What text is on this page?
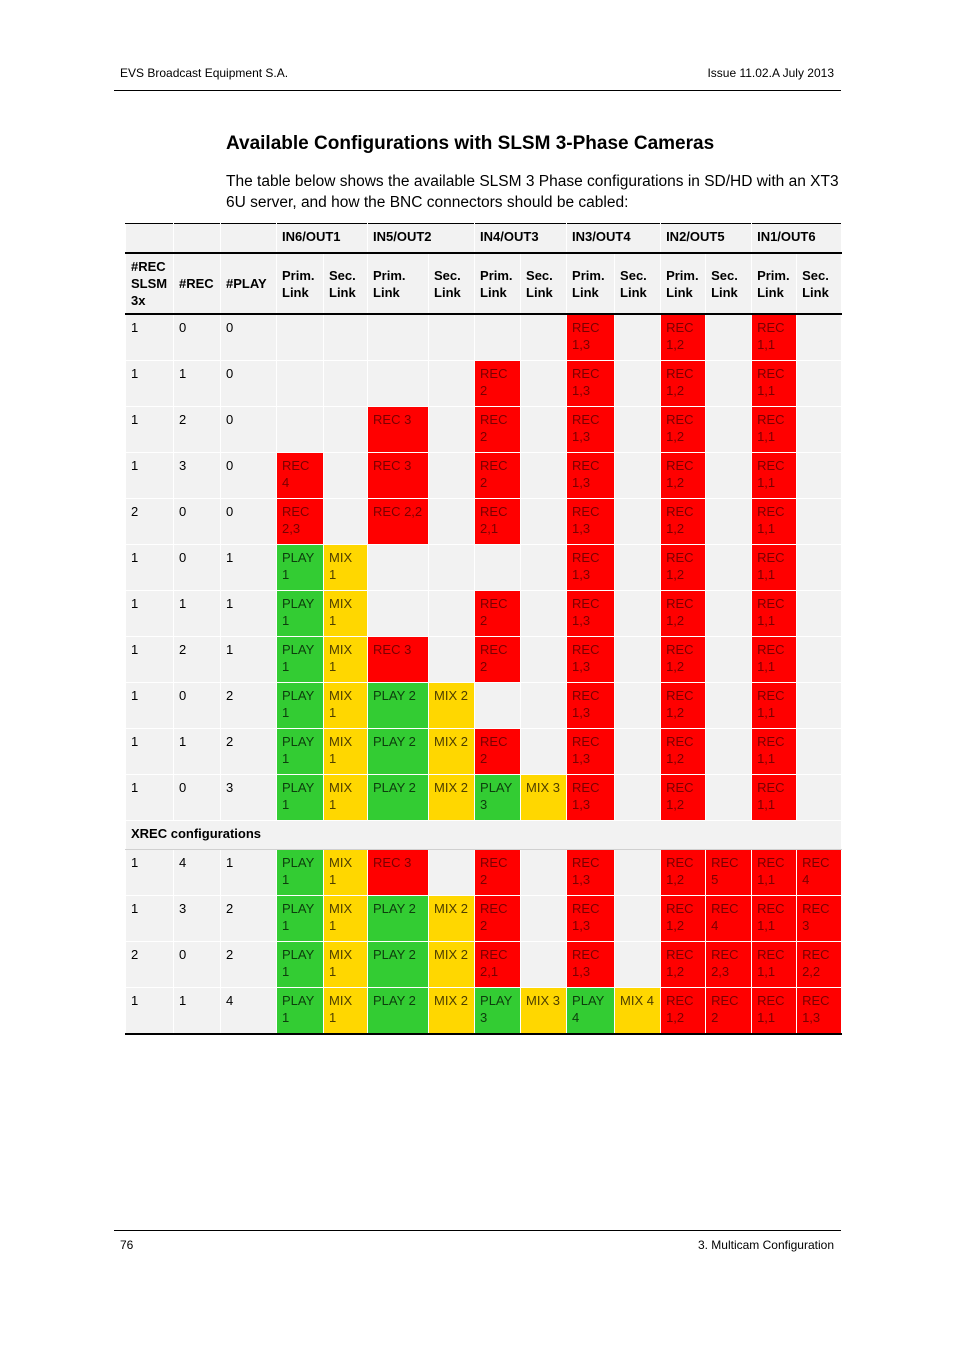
EVS Broadcast Equipment S.A.	Issue 11.02.A July 2013
Available Configurations with SLSM 3-Phase Cameras

The table below shows the available SLSM 3 Phase configurations in SD/HD with an XT3 6U server, and how the BNC connectors should be cabled:

			IN6/OUT1		IN5/OUT2		IN4/OUT3		IN3/OUT4		IN2/OUT5		IN1/OUT6	
#REC SLSM 3x	#REC	#PLAY	Prim. Link	Sec. Link	Prim. Link	Sec. Link	Prim. Link	Sec. Link	Prim. Link	Sec. Link	Prim. Link	Sec. Link	Prim. Link	Sec. Link
1	0	0							REC 1,3		REC 1,2		REC 1,1	
1	1	0					REC 2		REC 1,3		REC 1,2		REC 1,1	
1	2	0			REC 3		REC 2		REC 1,3		REC 1,2		REC 1,1	
1	3	0	REC 4		REC 3		REC 2		REC 1,3		REC 1,2		REC 1,1	
2	0	0	REC 2,3		REC 2,2		REC 2,1		REC 1,3		REC 1,2		REC 1,1	
1	0	1	PLAY 1	MIX 1					REC 1,3		REC 1,2		REC 1,1	
1	1	1	PLAY 1	MIX 1			REC 2		REC 1,3		REC 1,2		REC 1,1	
1	2	1	PLAY 1	MIX 1	REC 3		REC 2		REC 1,3		REC 1,2		REC 1,1	
1	0	2	PLAY 1	MIX 1	PLAY 2	MIX 2			REC 1,3		REC 1,2		REC 1,1	
1	1	2	PLAY 1	MIX 1	PLAY 2	MIX 2	REC 2		REC 1,3		REC 1,2		REC 1,1	
1	0	3	PLAY 1	MIX 1	PLAY 2	MIX 2	PLAY 3	MIX 3	REC 1,3		REC 1,2		REC 1,1	
XREC configurations														
1	4	1	PLAY 1	MIX 1	REC 3		REC 2		REC 1,3		REC 1,2	REC 5	REC 1,1	REC 4
1	3	2	PLAY 1	MIX 1	PLAY 2	MIX 2	REC 2		REC 1,3		REC 1,2	REC 4	REC 1,1	REC 3
2	0	2	PLAY 1	MIX 1	PLAY 2	MIX 2	REC 2,1		REC 1,3		REC 1,2	REC 2,3	REC 1,1	REC 2,2
1	1	4	PLAY 1	MIX 1	PLAY 2	MIX 2	PLAY 3	MIX 3	PLAY 4	MIX 4	REC 1,2	REC 2	REC 1,1	REC 1,3
76	3. Multicam Configuration
